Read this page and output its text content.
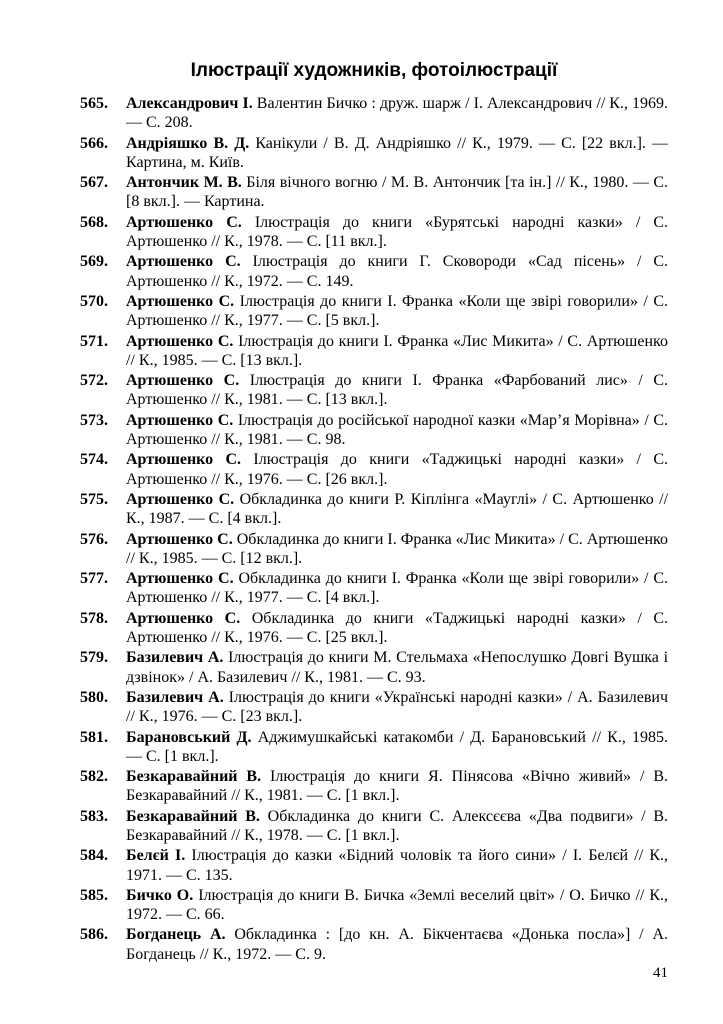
Ілюстрації художників, фотоілюстрації
565.	Александрович І. Валентин Бичко : друж. шарж / І. Александрович // К., 1969. — С. 208.
566.	Андріяшко В. Д. Канікули / В. Д. Андріяшко // К., 1979. — С. [22 вкл.]. — Картина, м. Київ.
567.	Антончик М. В. Біля вічного вогню / М. В. Антончик [та ін.] // К., 1980. — С. [8 вкл.]. — Картина.
568.	Артюшенко С. Ілюстрація до книги «Бурятські народні казки» / С. Артюшенко // К., 1978. — С. [11 вкл.].
569.	Артюшенко С. Ілюстрація до книги Г. Сковороди «Сад пісень» / С. Артюшенко // К., 1972. — С. 149.
570.	Артюшенко С. Ілюстрація до книги І. Франка «Коли ще звірі говорили» / С. Артюшенко // К., 1977. — С. [5 вкл.].
571.	Артюшенко С. Ілюстрація до книги І. Франка «Лис Микита» / С. Артюшенко // К., 1985. — С. [13 вкл.].
572.	Артюшенко С. Ілюстрація до книги І. Франка «Фарбований лис» / С. Артюшенко // К., 1981. — С. [13 вкл.].
573.	Артюшенко С. Ілюстрація до російської народної казки «Мар’я Морівна» / С. Артюшенко // К., 1981. — С. 98.
574.	Артюшенко С. Ілюстрація до книги «Таджицькі народні казки» / С. Артюшенко // К., 1976. — С. [26 вкл.].
575.	Артюшенко С. Обкладинка до книги Р. Кіплінга «Мауглі» / С. Артюшенко // К., 1987. — С. [4 вкл.].
576.	Артюшенко С. Обкладинка до книги І. Франка «Лис Микита» / С. Артюшенко // К., 1985. — С. [12 вкл.].
577.	Артюшенко С. Обкладинка до книги І. Франка «Коли ще звірі говорили» / С. Артюшенко // К., 1977. — С. [4 вкл.].
578.	Артюшенко С. Обкладинка до книги «Таджицькі народні казки» / С. Артюшенко // К., 1976. — С. [25 вкл.].
579.	Базилевич А. Ілюстрація до книги М. Стельмаха «Непослушко Довгі Вушка і дзвінок» / А. Базилевич // К., 1981. — С. 93.
580.	Базилевич А. Ілюстрація до книги «Українські народні казки» / А. Базилевич // К., 1976. — С. [23 вкл.].
581.	Барановський Д. Аджимушкайські катакомби / Д. Барановський // К., 1985. — С. [1 вкл.].
582.	Безкаравайний В. Ілюстрація до книги Я. Пінясова «Вічно живий» / В. Безкаравайний // К., 1981. — С. [1 вкл.].
583.	Безкаравайний В. Обкладинка до книги С. Алексєєва «Два подвиги» / В. Безкаравайний // К., 1978. — С. [1 вкл.].
584.	Белєй І. Ілюстрація до казки «Бідний чоловік та його сини» / І. Белєй // К., 1971. — С. 135.
585.	Бичко О. Ілюстрація до книги В. Бичка «Землі веселий цвіт» / О. Бичко // К., 1972. — С. 66.
586.	Богданець А. Обкладинка : [до кн. А. Бікчентаєва «Донька посла»] / А. Богданець // К., 1972. — С. 9.
41
